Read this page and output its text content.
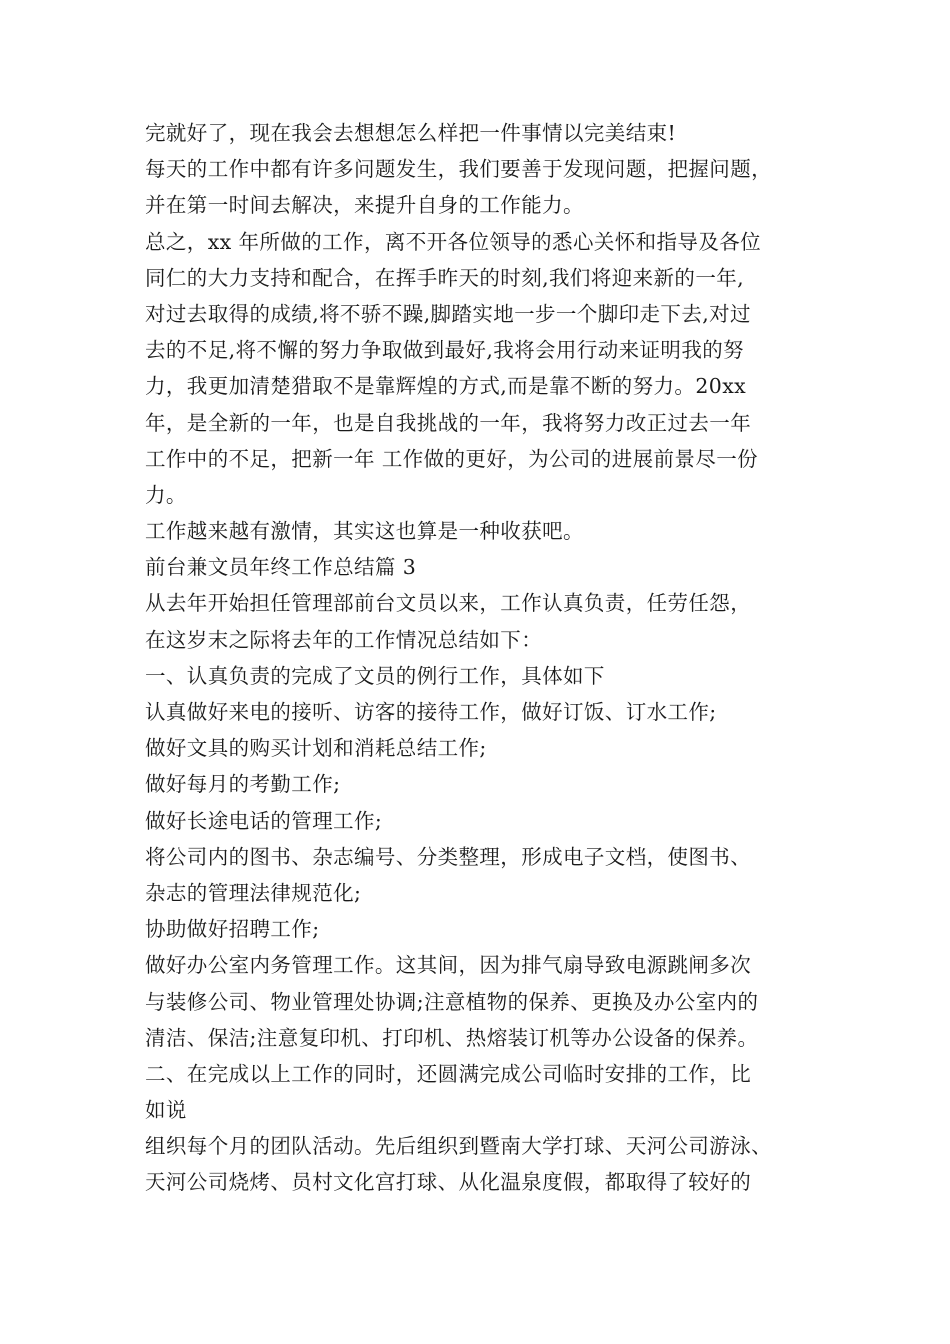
完就好了，现在我会去想想怎么样把一件事情以完美结束!
每天的工作中都有许多问题发生，我们要善于发现问题，把握问题，
并在第一时间去解决，来提升自身的工作能力。
总之，xx 年所做的工作，离不开各位领导的悉心关怀和指导及各位
同仁的大力支持和配合，在挥手昨天的时刻,我们将迎来新的一年,
对过去取得的成绩,将不骄不躁,脚踏实地一步一个脚印走下去,对过
去的不足,将不懈的努力争取做到最好,我将会用行动来证明我的努
力，我更加清楚猎取不是靠辉煌的方式,而是靠不断的努力。20xx
年，是全新的一年，也是自我挑战的一年，我将努力改正过去一年
工作中的不足，把新一年 工作做的更好，为公司的进展前景尽一份
力。
工作越来越有激情，其实这也算是一种收获吧。
前台兼文员年终工作总结篇 3
从去年开始担任管理部前台文员以来，工作认真负责，任劳任怨，
在这岁末之际将去年的工作情况总结如下：
一、认真负责的完成了文员的例行工作，具体如下
认真做好来电的接听、访客的接待工作，做好订饭、订水工作;
做好文具的购买计划和消耗总结工作;
做好每月的考勤工作;
做好长途电话的管理工作;
将公司内的图书、杂志编号、分类整理，形成电子文档，使图书、
杂志的管理法律规范化;
协助做好招聘工作;
做好办公室内务管理工作。这其间，因为排气扇导致电源跳闸多次
与装修公司、物业管理处协调;注意植物的保养、更换及办公室内的
清洁、保洁;注意复印机、打印机、热熔装订机等办公设备的保养。
二、在完成以上工作的同时，还圆满完成公司临时安排的工作，比
如说
组织每个月的团队活动。先后组织到暨南大学打球、天河公司游泳、
天河公司烧烤、员村文化宫打球、从化温泉度假，都取得了较好的
